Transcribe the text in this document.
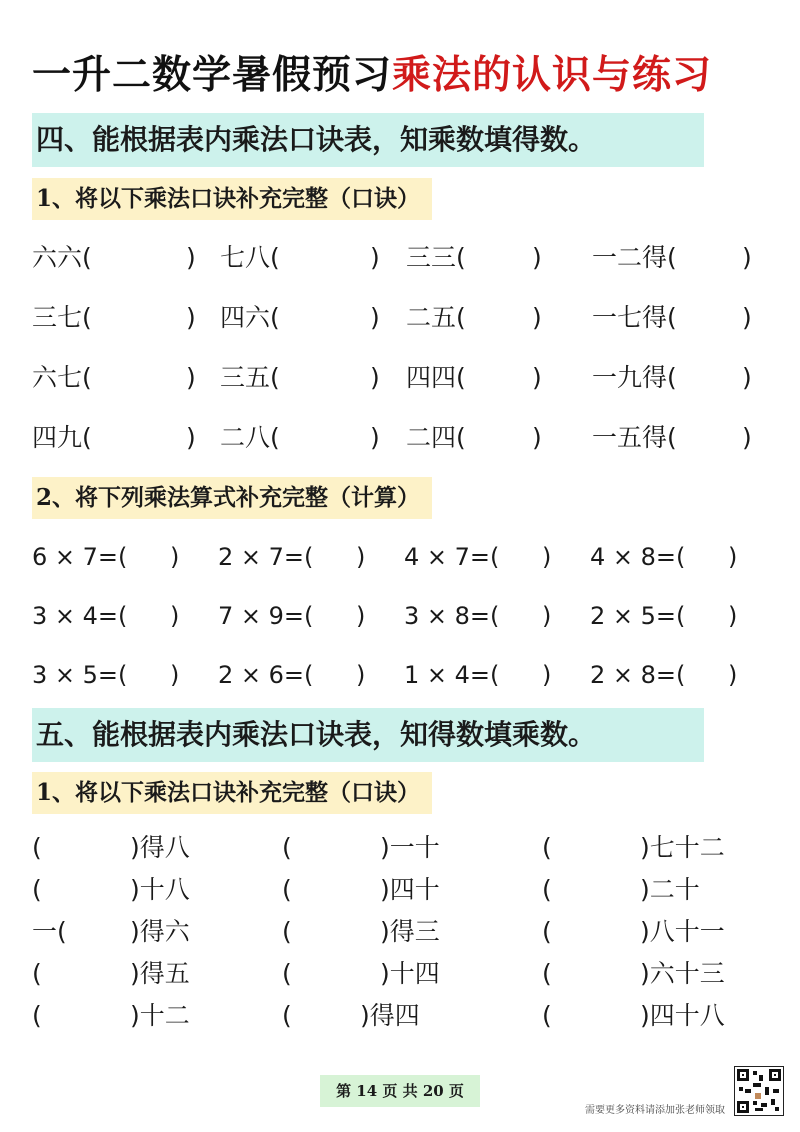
一升二数学暑假预习乘法的认识与练习
四、能根据表内乘法口诀表，知乘数填得数。
1、将以下乘法口诀补充完整（口诀）
六六(	) 七八(	) 三三(	) 一二得(	)
三七(	) 四六(	) 二五(	) 一七得(	)
六七(	) 三五(	) 四四(	) 一九得(	)
四九(	) 二八(	) 二四(	) 一五得(	)
2、将下列乘法算式补充完整（计算）
6 × 7=( ) 2 × 7=( ) 4 × 7=( ) 4 × 8=( )
3 × 4=( ) 7 × 9=( ) 3 × 8=( ) 2 × 5=( )
3 × 5=( ) 2 × 6=( ) 1 × 4=( ) 2 × 8=( )
五、能根据表内乘法口诀表，知得数填乘数。
1、将以下乘法口诀补充完整（口诀）
(	)得八	(	)一十	(	)七十二
(	)十八	(	)四十	(	)二十
一(	)得六	(	)得三	(	)八十一
(	)得五	(	)十四	(	)六十三
(	)十二	(	)得四	(	)四十八
第 14 页 共 20 页
需要更多资料请添加张老师领取
